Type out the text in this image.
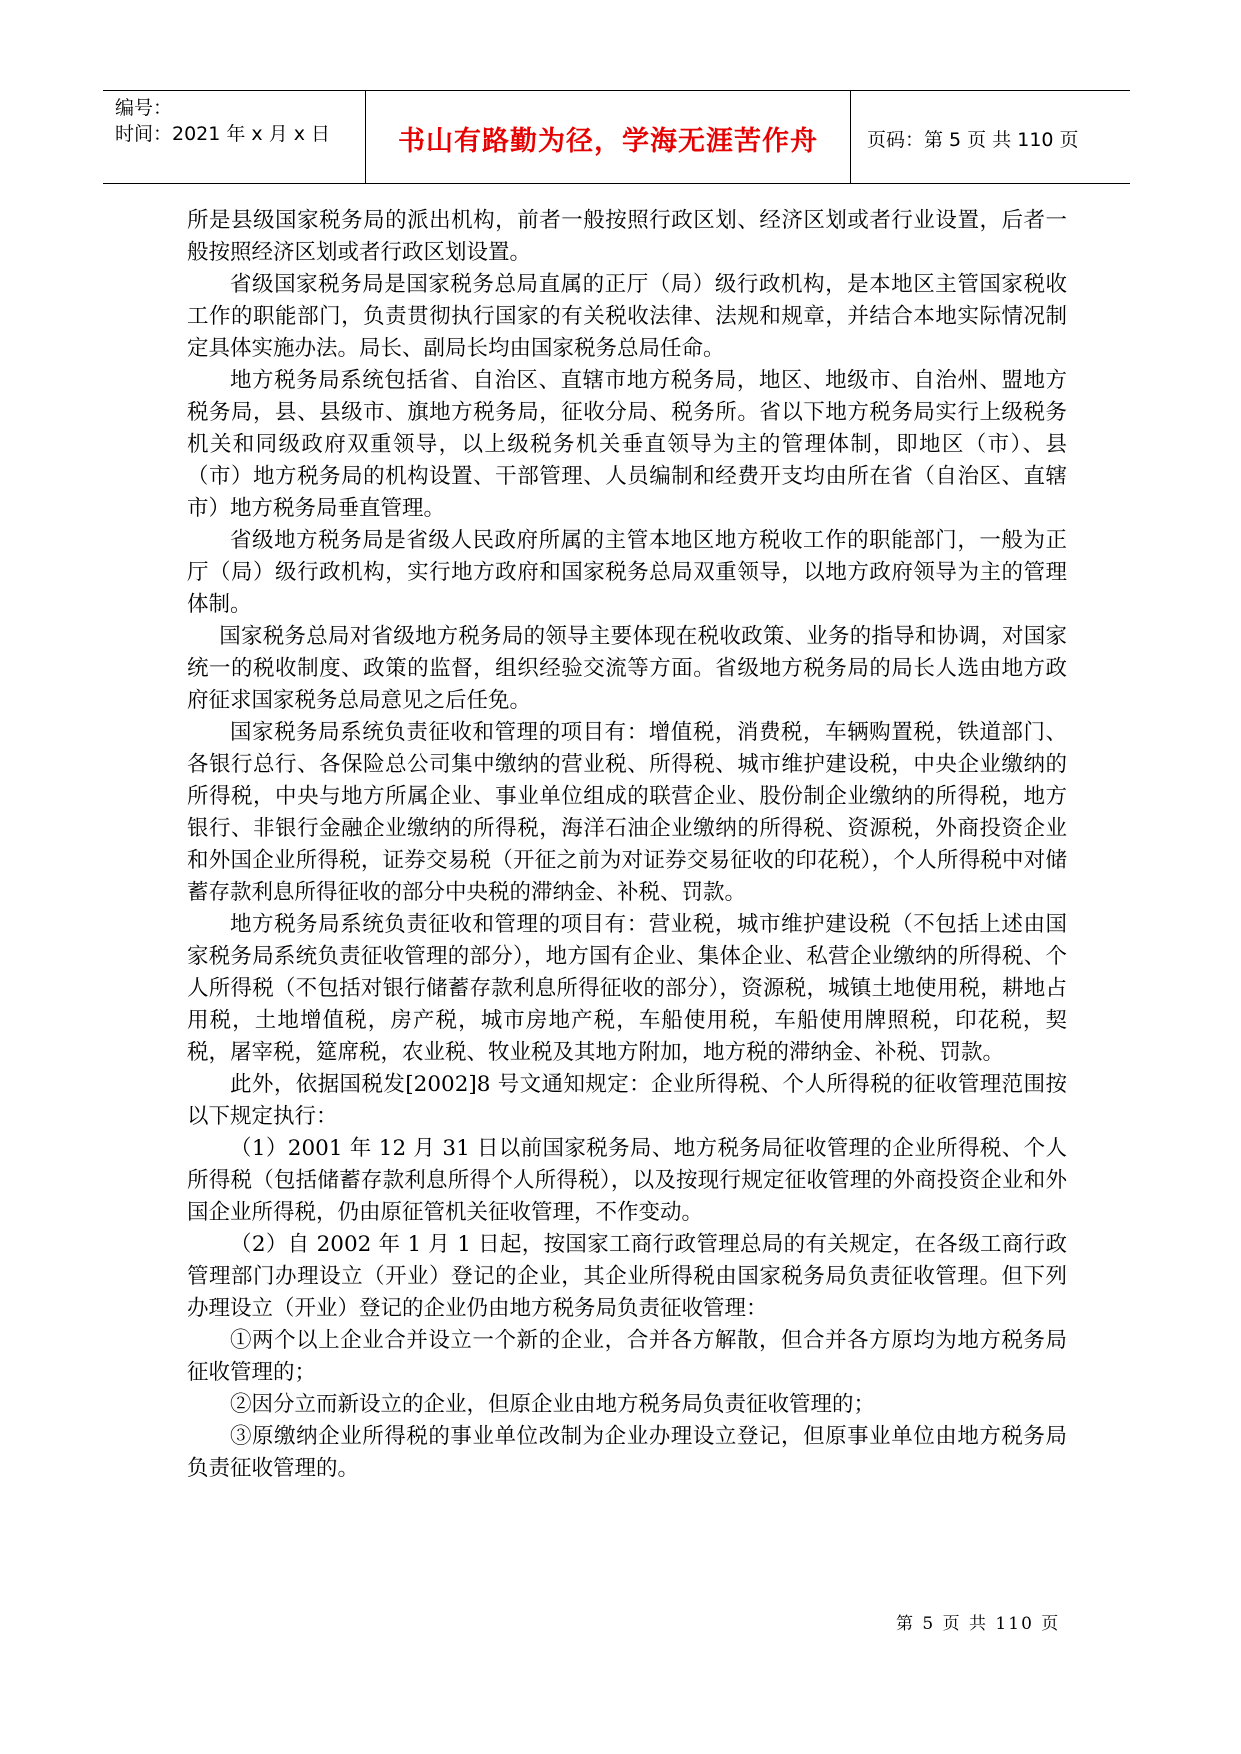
编号：
时间：2021 年 x 月 x 日	书山有路勤为径，学海无涯苦作舟	页码：第 5 页 共 110 页

所是县级国家税务局的派出机构，前者一般按照行政区划、经济区划或者行业设置，后者一般按照经济区划或者行政区划设置。

省级国家税务局是国家税务总局直属的正厅（局）级行政机构，是本地区主管国家税收工作的职能部门，负责贯彻执行国家的有关税收法律、法规和规章，并结合本地实际情况制定具体实施办法。局长、副局长均由国家税务总局任命。

地方税务局系统包括省、自治区、直辖市地方税务局，地区、地级市、自治州、盟地方税务局，县、县级市、旗地方税务局，征收分局、税务所。省以下地方税务局实行上级税务机关和同级政府双重领导，以上级税务机关垂直领导为主的管理体制，即地区（市）、县（市）地方税务局的机构设置、干部管理、人员编制和经费开支均由所在省（自治区、直辖市）地方税务局垂直管理。

省级地方税务局是省级人民政府所属的主管本地区地方税收工作的职能部门，一般为正厅（局）级行政机构，实行地方政府和国家税务总局双重领导，以地方政府领导为主的管理体制。

国家税务总局对省级地方税务局的领导主要体现在税收政策、业务的指导和协调，对国家统一的税收制度、政策的监督，组织经验交流等方面。省级地方税务局的局长人选由地方政府征求国家税务总局意见之后任免。

国家税务局系统负责征收和管理的项目有：增值税，消费税，车辆购置税，铁道部门、各银行总行、各保险总公司集中缴纳的营业税、所得税、城市维护建设税，中央企业缴纳的所得税，中央与地方所属企业、事业单位组成的联营企业、股份制企业缴纳的所得税，地方银行、非银行金融企业缴纳的所得税，海洋石油企业缴纳的所得税、资源税，外商投资企业和外国企业所得税，证券交易税（开征之前为对证券交易征收的印花税），个人所得税中对储蓄存款利息所得征收的部分中央税的滞纳金、补税、罚款。

地方税务局系统负责征收和管理的项目有：营业税，城市维护建设税（不包括上述由国家税务局系统负责征收管理的部分），地方国有企业、集体企业、私营企业缴纳的所得税、个人所得税（不包括对银行储蓄存款利息所得征收的部分），资源税，城镇土地使用税，耕地占用税，土地增值税，房产税，城市房地产税，车船使用税，车船使用牌照税，印花税，契税，屠宰税，筵席税，农业税、牧业税及其地方附加，地方税的滞纳金、补税、罚款。

此外，依据国税发[2002]8 号文通知规定：企业所得税、个人所得税的征收管理范围按以下规定执行：

（1）2001 年 12 月 31 日以前国家税务局、地方税务局征收管理的企业所得税、个人所得税（包括储蓄存款利息所得个人所得税），以及按现行规定征收管理的外商投资企业和外国企业所得税，仍由原征管机关征收管理，不作变动。

（2）自 2002 年 1 月 1 日起，按国家工商行政管理总局的有关规定，在各级工商行政管理部门办理设立（开业）登记的企业，其企业所得税由国家税务局负责征收管理。但下列办理设立（开业）登记的企业仍由地方税务局负责征收管理：

①两个以上企业合并设立一个新的企业，合并各方解散，但合并各方原均为地方税务局征收管理的；

②因分立而新设立的企业，但原企业由地方税务局负责征收管理的；

③原缴纳企业所得税的事业单位改制为企业办理设立登记，但原事业单位由地方税务局负责征收管理的。

第 5 页 共 110 页
